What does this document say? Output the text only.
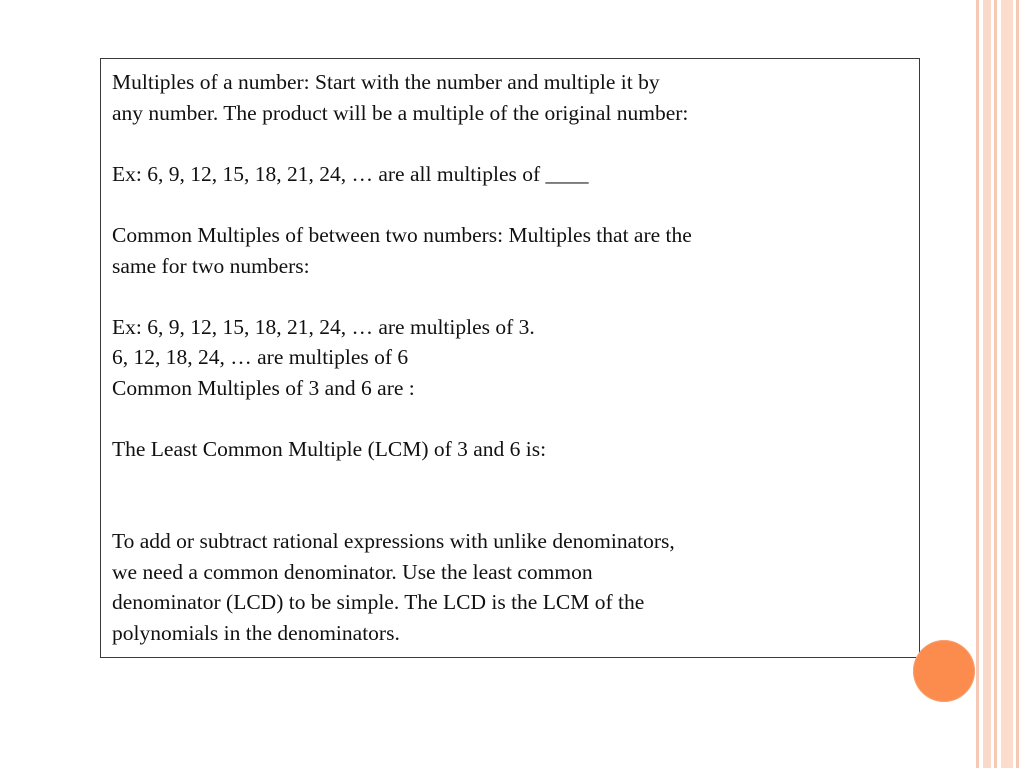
Multiples of a number: Start with the number and multiple it by
any number. The product will be a multiple of the original number:
Ex: 6, 9, 12, 15, 18, 21, 24, … are all multiples of ____
Common Multiples of between two numbers: Multiples that are the
same for two numbers:
Ex: 6, 9, 12, 15, 18, 21, 24, … are multiples of 3.
6, 12, 18, 24, … are multiples of 6
Common Multiples of 3 and 6 are :
The Least Common Multiple (LCM) of 3 and 6 is:
To add or subtract rational expressions with unlike denominators,
we need a common denominator. Use the least common
denominator (LCD) to be simple. The LCD is the LCM of the
polynomials in the denominators.
